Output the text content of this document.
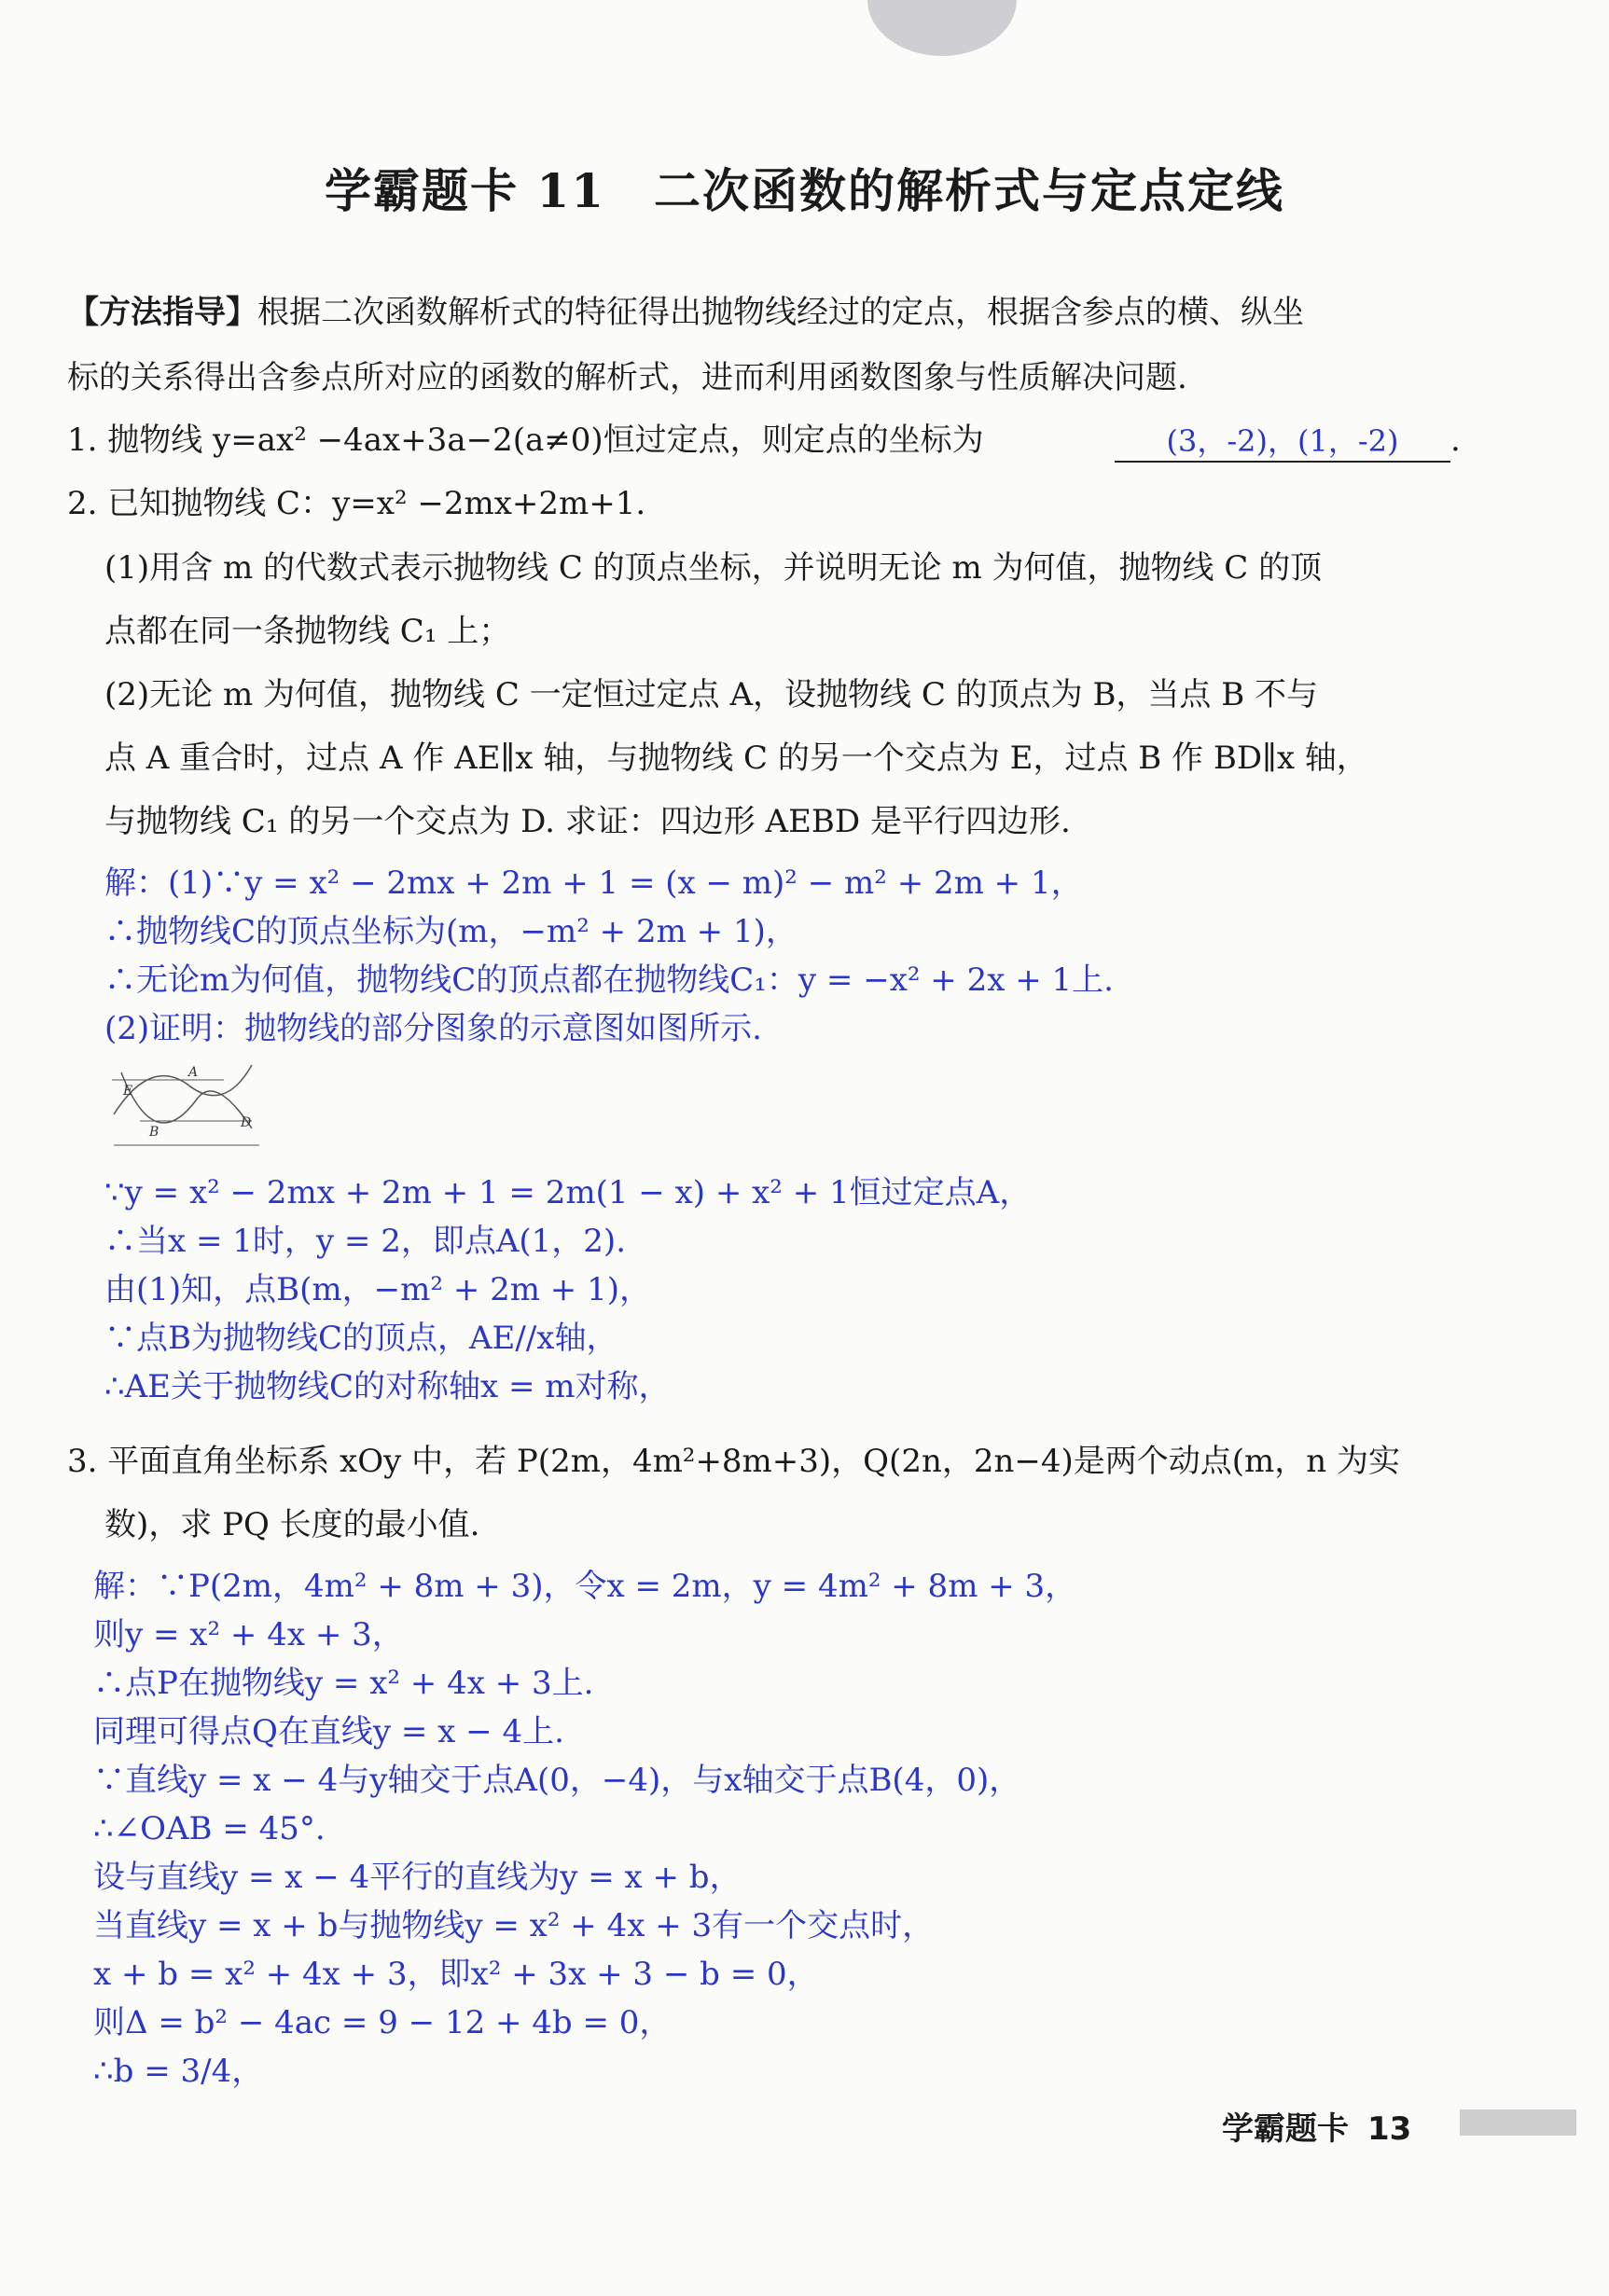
学霸题卡 11　二次函数的解析式与定点定线
【方法指导】根据二次函数解析式的特征得出抛物线经过的定点，根据含参点的横、纵坐
标的关系得出含参点所对应的函数的解析式，进而利用函数图象与性质解决问题.
1. 抛物线 y=ax² −4ax+3a−2(a≠0)恒过定点，则定点的坐标为	(3，-2)，(1，-2)	.
2. 已知抛物线 C：y=x² −2mx+2m+1.
(1)用含 m 的代数式表示抛物线 C 的顶点坐标，并说明无论 m 为何值，抛物线 C 的顶
点都在同一条抛物线 C₁ 上；
(2)无论 m 为何值，抛物线 C 一定恒过定点 A，设抛物线 C 的顶点为 B，当点 B 不与
点 A 重合时，过点 A 作 AE∥x 轴，与抛物线 C 的另一个交点为 E，过点 B 作 BD∥x 轴，
与抛物线 C₁ 的另一个交点为 D. 求证：四边形 AEBD 是平行四边形.
解：(1)∵y = x² − 2mx + 2m + 1 = (x − m)² − m² + 2m + 1，
∴抛物线C的顶点坐标为(m，−m² + 2m + 1)，
∴无论m为何值，抛物线C的顶点都在抛物线C₁：y = −x² + 2x + 1上.
(2)证明：抛物线的部分图象的示意图如图所示.
E
A
B
D
∵y = x² − 2mx + 2m + 1 = 2m(1 − x) + x² + 1恒过定点A，
∴当x = 1时，y = 2，即点A(1，2).
由(1)知，点B(m，−m² + 2m + 1)，
∵点B为抛物线C的顶点，AE//x轴，
∴AE关于抛物线C的对称轴x = m对称，
3. 平面直角坐标系 xOy 中，若 P(2m，4m²+8m+3)，Q(2n，2n−4)是两个动点(m，n 为实
数)，求 PQ 长度的最小值.
解：∵P(2m，4m² + 8m + 3)，令x = 2m，y = 4m² + 8m + 3，
则y = x² + 4x + 3，
∴点P在抛物线y = x² + 4x + 3上.
同理可得点Q在直线y = x − 4上.
∵直线y = x − 4与y轴交于点A(0，−4)，与x轴交于点B(4，0)，
∴∠OAB = 45°.
设与直线y = x − 4平行的直线为y = x + b，
当直线y = x + b与抛物线y = x² + 4x + 3有一个交点时，
x + b = x² + 4x + 3，即x² + 3x + 3 − b = 0，
则Δ = b² − 4ac = 9 − 12 + 4b = 0，
∴b = 3/4，
学霸题卡 13
